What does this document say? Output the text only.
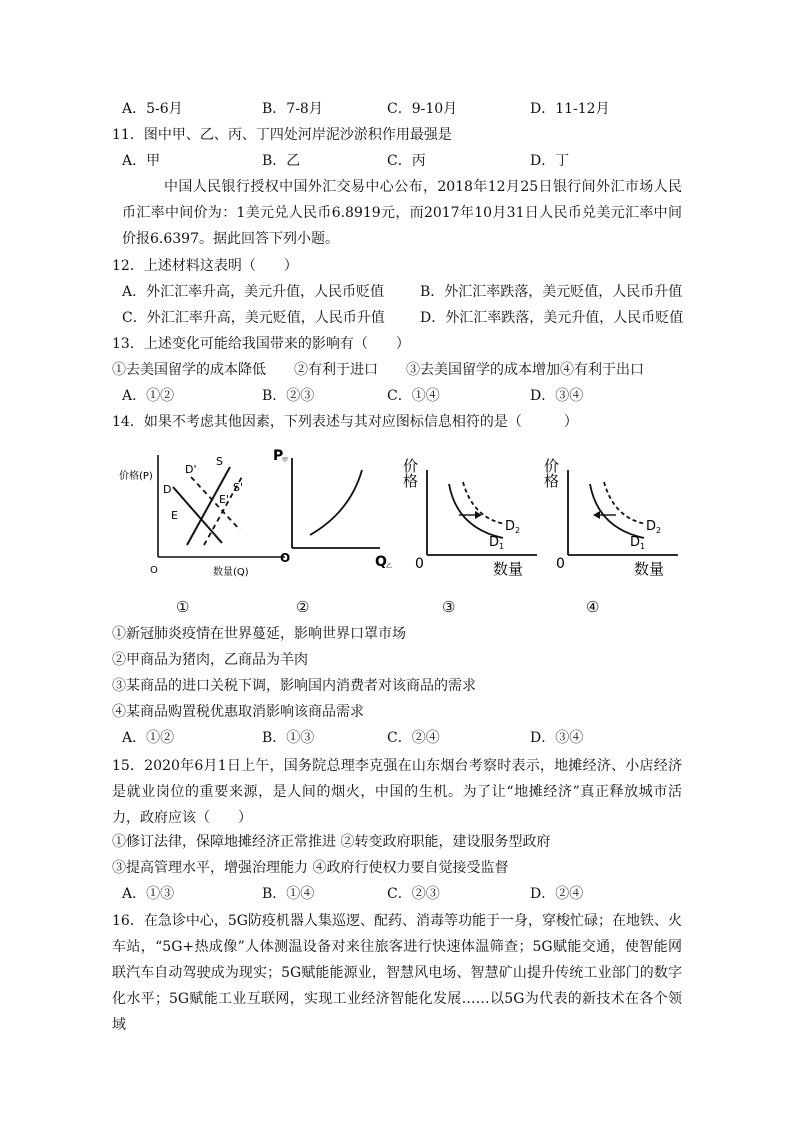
A．5-6月	B．7-8月	C．9-10月	D．11-12月
11．图中甲、乙、丙、丁四处河岸泥沙淤积作用最强是
A．甲	B．乙	C．丙	D．丁
中国人民银行授权中国外汇交易中心公布，2018年12月25日银行间外汇市场人民币汇率中间价为：1美元兑人民币6.8919元，而2017年10月31日人民币兑美元汇率中间价报6.6397。据此回答下列小题。
12．上述材料这表明（　　）
A．外汇汇率升高，美元升值，人民币贬值	B．外汇汇率跌落，美元贬值，人民币升值
C．外汇汇率升高，美元贬值，人民币升值	D．外汇汇率跌落，美元升值，人民币贬值
13．上述变化可能给我国带来的影响有（　　）
①去美国留学的成本降低　　②有利于进口　　③去美国留学的成本增加④有利于出口
A．①②	B．②③	C．①④	D．③④
14．如果不考虑其他因素，下列表述与其对应图标信息相符的是（　　　）
价格(P)
O	数量(Q)
D'
S
D	S'
E'
E
P
甲
O	Q 乙
价格
0	数量
D 2
D 1
价格
0	数量
D 2
D 1
①	②	③	④
①新冠肺炎疫情在世界蔓延，影响世界口罩市场
②甲商品为猪肉，乙商品为羊肉
③某商品的进口关税下调，影响国内消费者对该商品的需求
④某商品购置税优惠取消影响该商品需求
A．①②	B．①③	C．②④	D．③④
15．2020年6月1日上午，国务院总理李克强在山东烟台考察时表示，地摊经济、小店经济是就业岗位的重要来源，是人间的烟火，中国的生机。为了让“地摊经济”真正释放城市活力，政府应该（　　）
①修订法律，保障地摊经济正常推进 ②转变政府职能，建设服务型政府
③提高管理水平，增强治理能力 ④政府行使权力要自觉接受监督
A．①③	B．①④	C．②③	D．②④
16．在急诊中心，5G防疫机器人集巡逻、配药、消毒等功能于一身，穿梭忙碌；在地铁、火车站，“5G+热成像”人体测温设备对来往旅客进行快速体温筛查；5G赋能交通，使智能网联汽车自动驾驶成为现实；5G赋能能源业，智慧风电场、智慧矿山提升传统工业部门的数字化水平；5G赋能工业互联网，实现工业经济智能化发展……以5G为代表的新技术在各个领域
